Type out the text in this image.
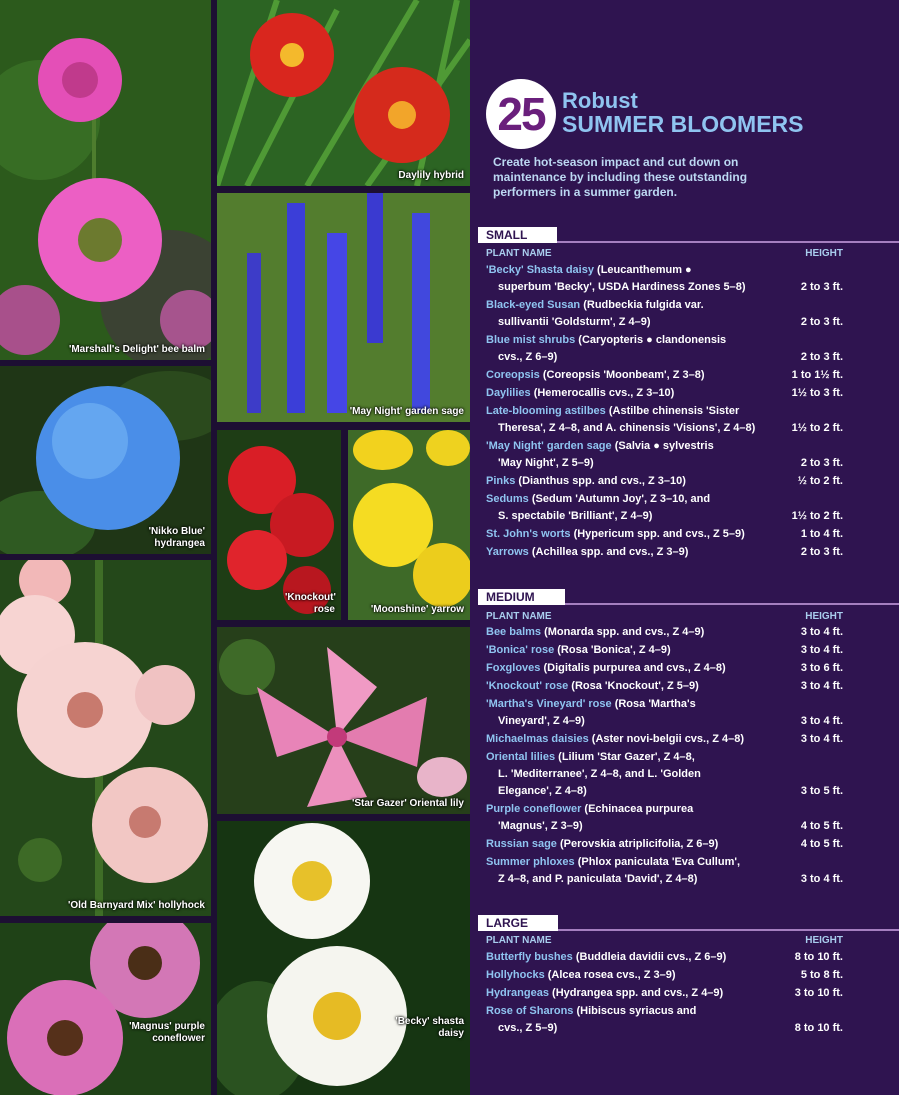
'Marshall's Delight' bee balm
Daylily hybrid
'May Night' garden sage
'Nikko Blue' hydrangea
'Knockout' rose	'Moonshine' yarrow
'Old Barnyard Mix' hollyhock
'Star Gazer' Oriental lily
'Magnus' purple coneflower
'Becky' shasta daisy
25 Robust
SUMMER BLOOMERS
Create hot-season impact and cut down on maintenance by including these outstanding performers in a summer garden.
SMALL
PLANT NAME	HEIGHT
'Becky' Shasta daisy (Leucanthemum ●
superbum 'Becky', USDA Hardiness Zones 5–8)	2 to 3 ft.
Black-eyed Susan (Rudbeckia fulgida var.
sullivantii 'Goldsturm', Z 4–9)	2 to 3 ft.
Blue mist shrubs (Caryopteris ● clandonensis
cvs., Z 6–9)	2 to 3 ft.
Coreopsis (Coreopsis 'Moonbeam', Z 3–8)	1 to 1½ ft.
Daylilies (Hemerocallis cvs., Z 3–10)	1½ to 3 ft.
Late-blooming astilbes (Astilbe chinensis 'Sister
Theresa', Z 4–8, and A. chinensis 'Visions', Z 4–8)	1½ to 2 ft.
'May Night' garden sage (Salvia ● sylvestris
'May Night', Z 5–9)	2 to 3 ft.
Pinks (Dianthus spp. and cvs., Z 3–10)	½ to 2 ft.
Sedums (Sedum 'Autumn Joy', Z 3–10, and
S. spectabile 'Brilliant', Z 4–9)	1½ to 2 ft.
St. John's worts (Hypericum spp. and cvs., Z 5–9)	1 to 4 ft.
Yarrows (Achillea spp. and cvs., Z 3–9)	2 to 3 ft.
MEDIUM
PLANT NAME	HEIGHT
Bee balms (Monarda spp. and cvs., Z 4–9)	3 to 4 ft.
'Bonica' rose (Rosa 'Bonica', Z 4–9)	3 to 4 ft.
Foxgloves (Digitalis purpurea and cvs., Z 4–8)	3 to 6 ft.
'Knockout' rose (Rosa 'Knockout', Z 5–9)	3 to 4 ft.
'Martha's Vineyard' rose (Rosa 'Martha's
Vineyard', Z 4–9)	3 to 4 ft.
Michaelmas daisies (Aster novi-belgii cvs., Z 4–8)	3 to 4 ft.
Oriental lilies (Lilium 'Star Gazer', Z 4–8,
L. 'Mediterranee', Z 4–8, and L. 'Golden
Elegance', Z 4–8)	3 to 5 ft.
Purple coneflower (Echinacea purpurea
'Magnus', Z 3–9)	4 to 5 ft.
Russian sage (Perovskia atriplicifolia, Z 6–9)	4 to 5 ft.
Summer phloxes (Phlox paniculata 'Eva Cullum',
Z 4–8, and P. paniculata 'David', Z 4–8)	3 to 4 ft.
LARGE
PLANT NAME	HEIGHT
Butterfly bushes (Buddleia davidii cvs., Z 6–9)	8 to 10 ft.
Hollyhocks (Alcea rosea cvs., Z 3–9)	5 to 8 ft.
Hydrangeas (Hydrangea spp. and cvs., Z 4–9)	3 to 10 ft.
Rose of Sharons (Hibiscus syriacus and
cvs., Z 5–9)	8 to 10 ft.
